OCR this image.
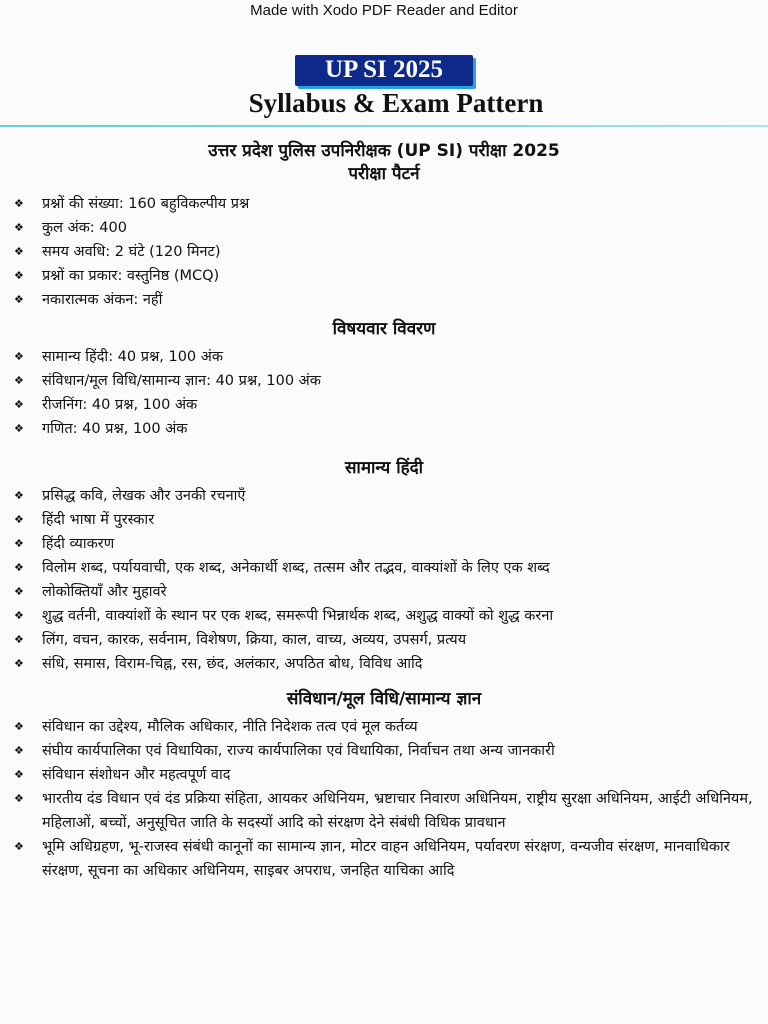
Made with Xodo PDF Reader and Editor
UP SI 2025
Syllabus & Exam Pattern
उत्तर प्रदेश पुलिस उपनिरीक्षक (UP SI) परीक्षा 2025
परीक्षा पैटर्न
❖ प्रश्नों की संख्या: 160 बहुविकल्पीय प्रश्न
❖ कुल अंक: 400
❖ समय अवधि: 2 घंटे (120 मिनट)
❖ प्रश्नों का प्रकार: वस्तुनिष्ठ (MCQ)
❖ नकारात्मक अंकन: नहीं
विषयवार विवरण
❖ सामान्य हिंदी: 40 प्रश्न, 100 अंक
❖ संविधान/मूल विधि/सामान्य ज्ञान: 40 प्रश्न, 100 अंक
❖ रीजनिंग: 40 प्रश्न, 100 अंक
❖ गणित: 40 प्रश्न, 100 अंक
सामान्य हिंदी
❖ प्रसिद्ध कवि, लेखक और उनकी रचनाएँ
❖ हिंदी भाषा में पुरस्कार
❖ हिंदी व्याकरण
❖ विलोम शब्द, पर्यायवाची, एक शब्द, अनेकार्थी शब्द, तत्सम और तद्भव, वाक्यांशों के लिए एक शब्द
❖ लोकोक्तियाँ और मुहावरे
❖ शुद्ध वर्तनी, वाक्यांशों के स्थान पर एक शब्द, समरूपी भिन्नार्थक शब्द, अशुद्ध वाक्यों को शुद्ध करना
❖ लिंग, वचन, कारक, सर्वनाम, विशेषण, क्रिया, काल, वाच्य, अव्यय, उपसर्ग, प्रत्यय
❖ संधि, समास, विराम-चिह्न, रस, छंद, अलंकार, अपठित बोध, विविध आदि
संविधान/मूल विधि/सामान्य ज्ञान
❖ संविधान का उद्देश्य, मौलिक अधिकार, नीति निदेशक तत्व एवं मूल कर्तव्य
❖ संघीय कार्यपालिका एवं विधायिका, राज्य कार्यपालिका एवं विधायिका, निर्वाचन तथा अन्य जानकारी
❖ संविधान संशोधन और महत्वपूर्ण वाद
❖ भारतीय दंड विधान एवं दंड प्रक्रिया संहिता, आयकर अधिनियम, भ्रष्टाचार निवारण अधिनियम, राष्ट्रीय सुरक्षा अधिनियम, आईटी अधिनियम, महिलाओं, बच्चों, अनुसूचित जाति के सदस्यों आदि को संरक्षण देने संबंधी विधिक प्रावधान
❖ भूमि अधिग्रहण, भू-राजस्व संबंधी कानूनों का सामान्य ज्ञान, मोटर वाहन अधिनियम, पर्यावरण संरक्षण, वन्यजीव संरक्षण, मानवाधिकार संरक्षण, सूचना का अधिकार अधिनियम, साइबर अपराध, जनहित याचिका आदि
